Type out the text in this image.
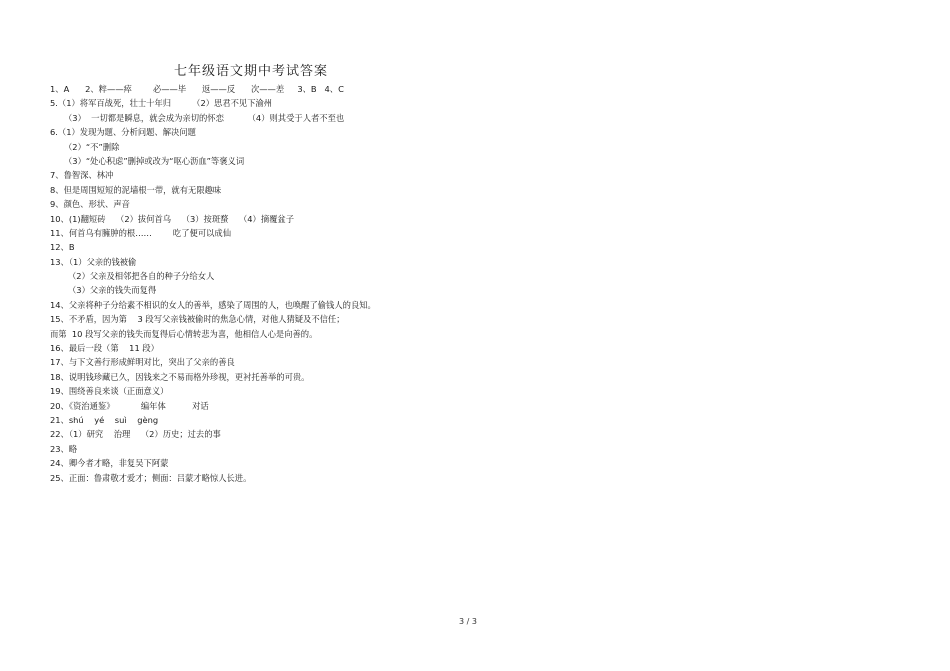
七年级语文期中考试答案
1、A      2、粹——瘁        必——毕      返——反      次——差     3、B   4、C
5.（1）将军百战死，壮士十年归        （2）思君不见下渝州
（3）  一切都是瞬息，就会成为亲切的怀恋         （4）则其受于人者不至也
6.（1）发现为题、分析问题、解决问题
（2）“不”删除
（3）“处心积虑”删掉或改为“呕心沥血”等褒义词
7、鲁智深、林冲
8、但是周围短短的泥墙根一带，就有无限趣味
9、颜色、形状、声音
10、(1)翻短砖    （2）拔何首乌    （3）按斑蝥    （4）摘覆盆子
11、何首乌有臃肿的根……        吃了便可以成仙
12、B
13、（1）父亲的钱被偷
（2）父亲及相邻把各自的种子分给女人
（3）父亲的钱失而复得
14、父亲将种子分给素不相识的女人的善举，感染了周围的人，也唤醒了偷钱人的良知。
15、不矛盾，因为第    3 段写父亲钱被偷时的焦急心情，对他人猜疑及不信任；
而第  10 段写父亲的钱失而复得后心情转悲为喜，他相信人心是向善的。
16、最后一段（第    11 段）
17、与下文善行形成鲜明对比，突出了父亲的善良
18、说明钱珍藏已久，因钱来之不易而格外珍视，更衬托善举的可贵。
19、围绕善良来谈（正面意义）
20、《资治通鉴》          编年体          对话
21、shú    yé    suì    gèng
22、（1）研究    治理    （2）历史；过去的事
23、略
24、卿今者才略，非复吴下阿蒙
25、正面：鲁肃敬才爱才；侧面：吕蒙才略惊人长进。
3 / 3
